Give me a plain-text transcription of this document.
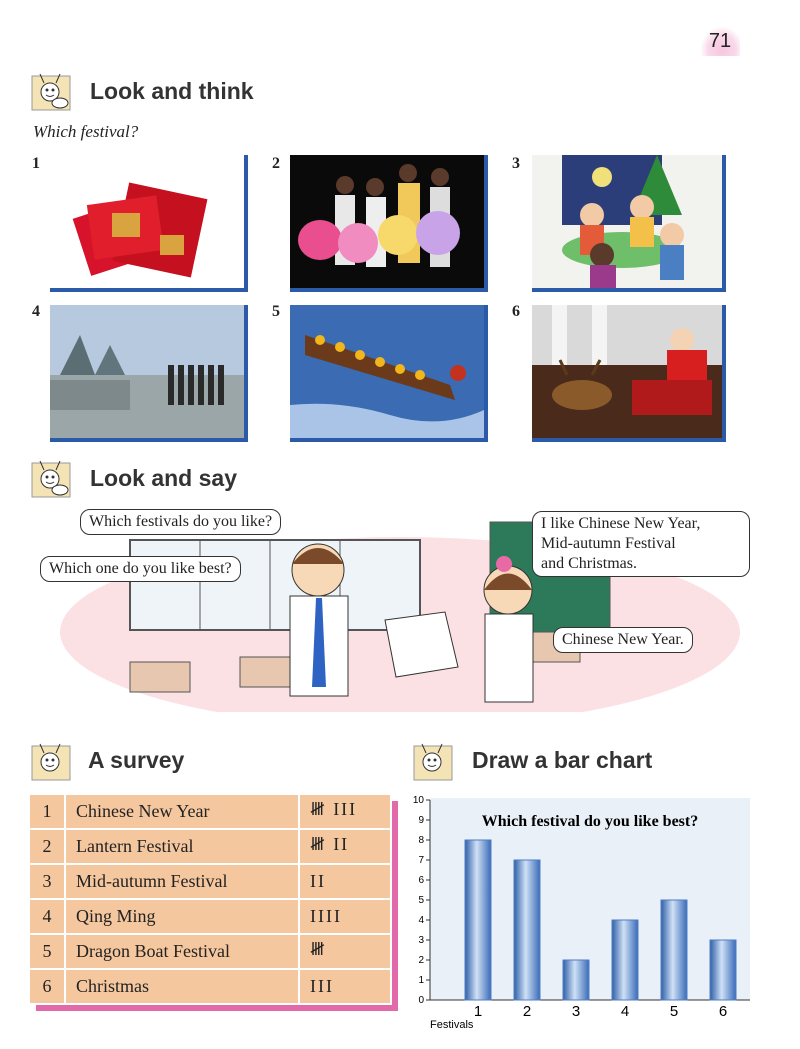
71
Look and think
Which festival?
1	2	3
4	5	6
Look and say
Which festivals do you like?
Which one do you like best?
I like Chinese New Year,
Mid-autumn Festival
and Christmas.
Chinese New Year.
A survey
1	Chinese New Year	𝍸 III
2	Lantern Festival	𝍸 II
3	Mid-autumn Festival	II
4	Qing Ming	IIII
5	Dragon Boat Festival	𝍸
6	Christmas	III
Draw a bar chart
Which festival do you like best?
Festivals
0
1
2
3
4
5
6
7
8
9
10
1	2	3	4	5	6
